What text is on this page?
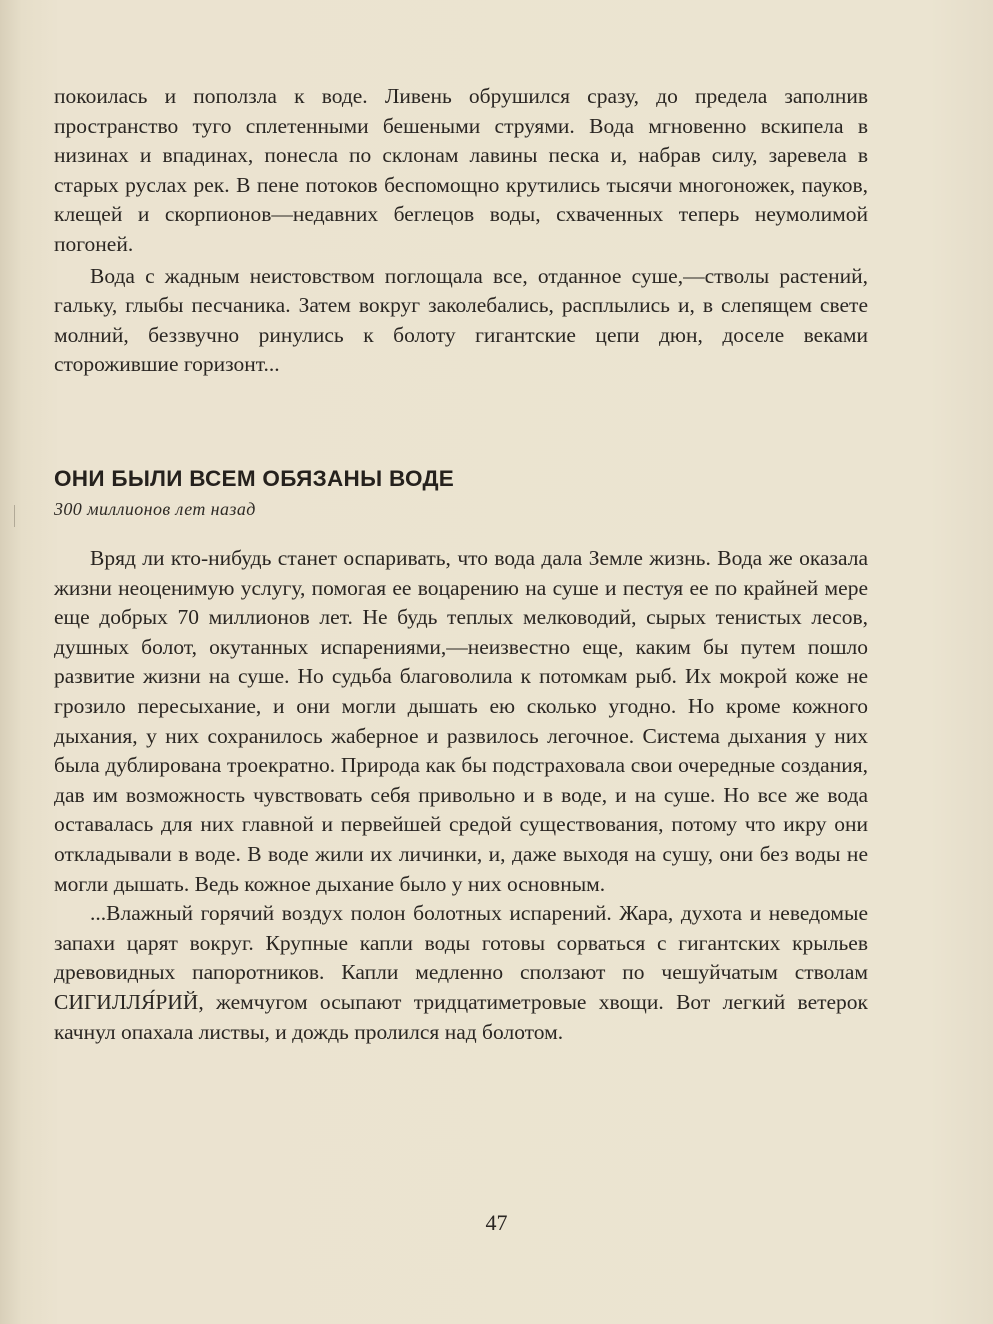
покоилась и поползла к воде. Ливень обрушился сразу, до предела заполнив пространство туго сплетенными бешеными струями. Вода мгновенно вскипела в низинах и впадинах, понесла по склонам лавины песка и, набрав силу, заревела в старых руслах рек. В пене потоков беспомощно крутились тысячи многоножек, пауков, клещей и скорпионов—недавних беглецов воды, схваченных теперь неумолимой погоней.

Вода с жадным неистовством поглощала все, отданное суше,—стволы растений, гальку, глыбы песчаника. Затем вокруг заколебались, расплылись и, в слепящем свете молний, беззвучно ринулись к болоту гигантские цепи дюн, доселе веками сторожившие горизонт...

ОНИ БЫЛИ ВСЕМ ОБЯЗАНЫ ВОДЕ
300 миллионов лет назад

Вряд ли кто-нибудь станет оспаривать, что вода дала Земле жизнь. Вода же оказала жизни неоценимую услугу, помогая ее воцарению на суше и пестуя ее по крайней мере еще добрых 70 миллионов лет. Не будь теплых мелководий, сырых тенистых лесов, душных болот, окутанных испарениями,—неизвестно еще, каким бы путем пошло развитие жизни на суше. Но судьба благоволила к потомкам рыб. Их мокрой коже не грозило пересыхание, и они могли дышать ею сколько угодно. Но кроме кожного дыхания, у них сохранилось жаберное и развилось легочное. Система дыхания у них была дублирована троекратно. Природа как бы подстраховала свои очередные создания, дав им возможность чувствовать себя привольно и в воде, и на суше. Но все же вода оставалась для них главной и первейшей средой существования, потому что икру они откладывали в воде. В воде жили их личинки, и, даже выходя на сушу, они без воды не могли дышать. Ведь кожное дыхание было у них основным.

...Влажный горячий воздух полон болотных испарений. Жара, духота и неведомые запахи царят вокруг. Крупные капли воды готовы сорваться с гигантских крыльев древовидных папоротников. Капли медленно сползают по чешуйчатым стволам СИГИЛЛЯ́РИЙ, жемчугом осыпают тридцатиметровые хвощи. Вот легкий ветерок качнул опахала листвы, и дождь пролился над болотом.

47
